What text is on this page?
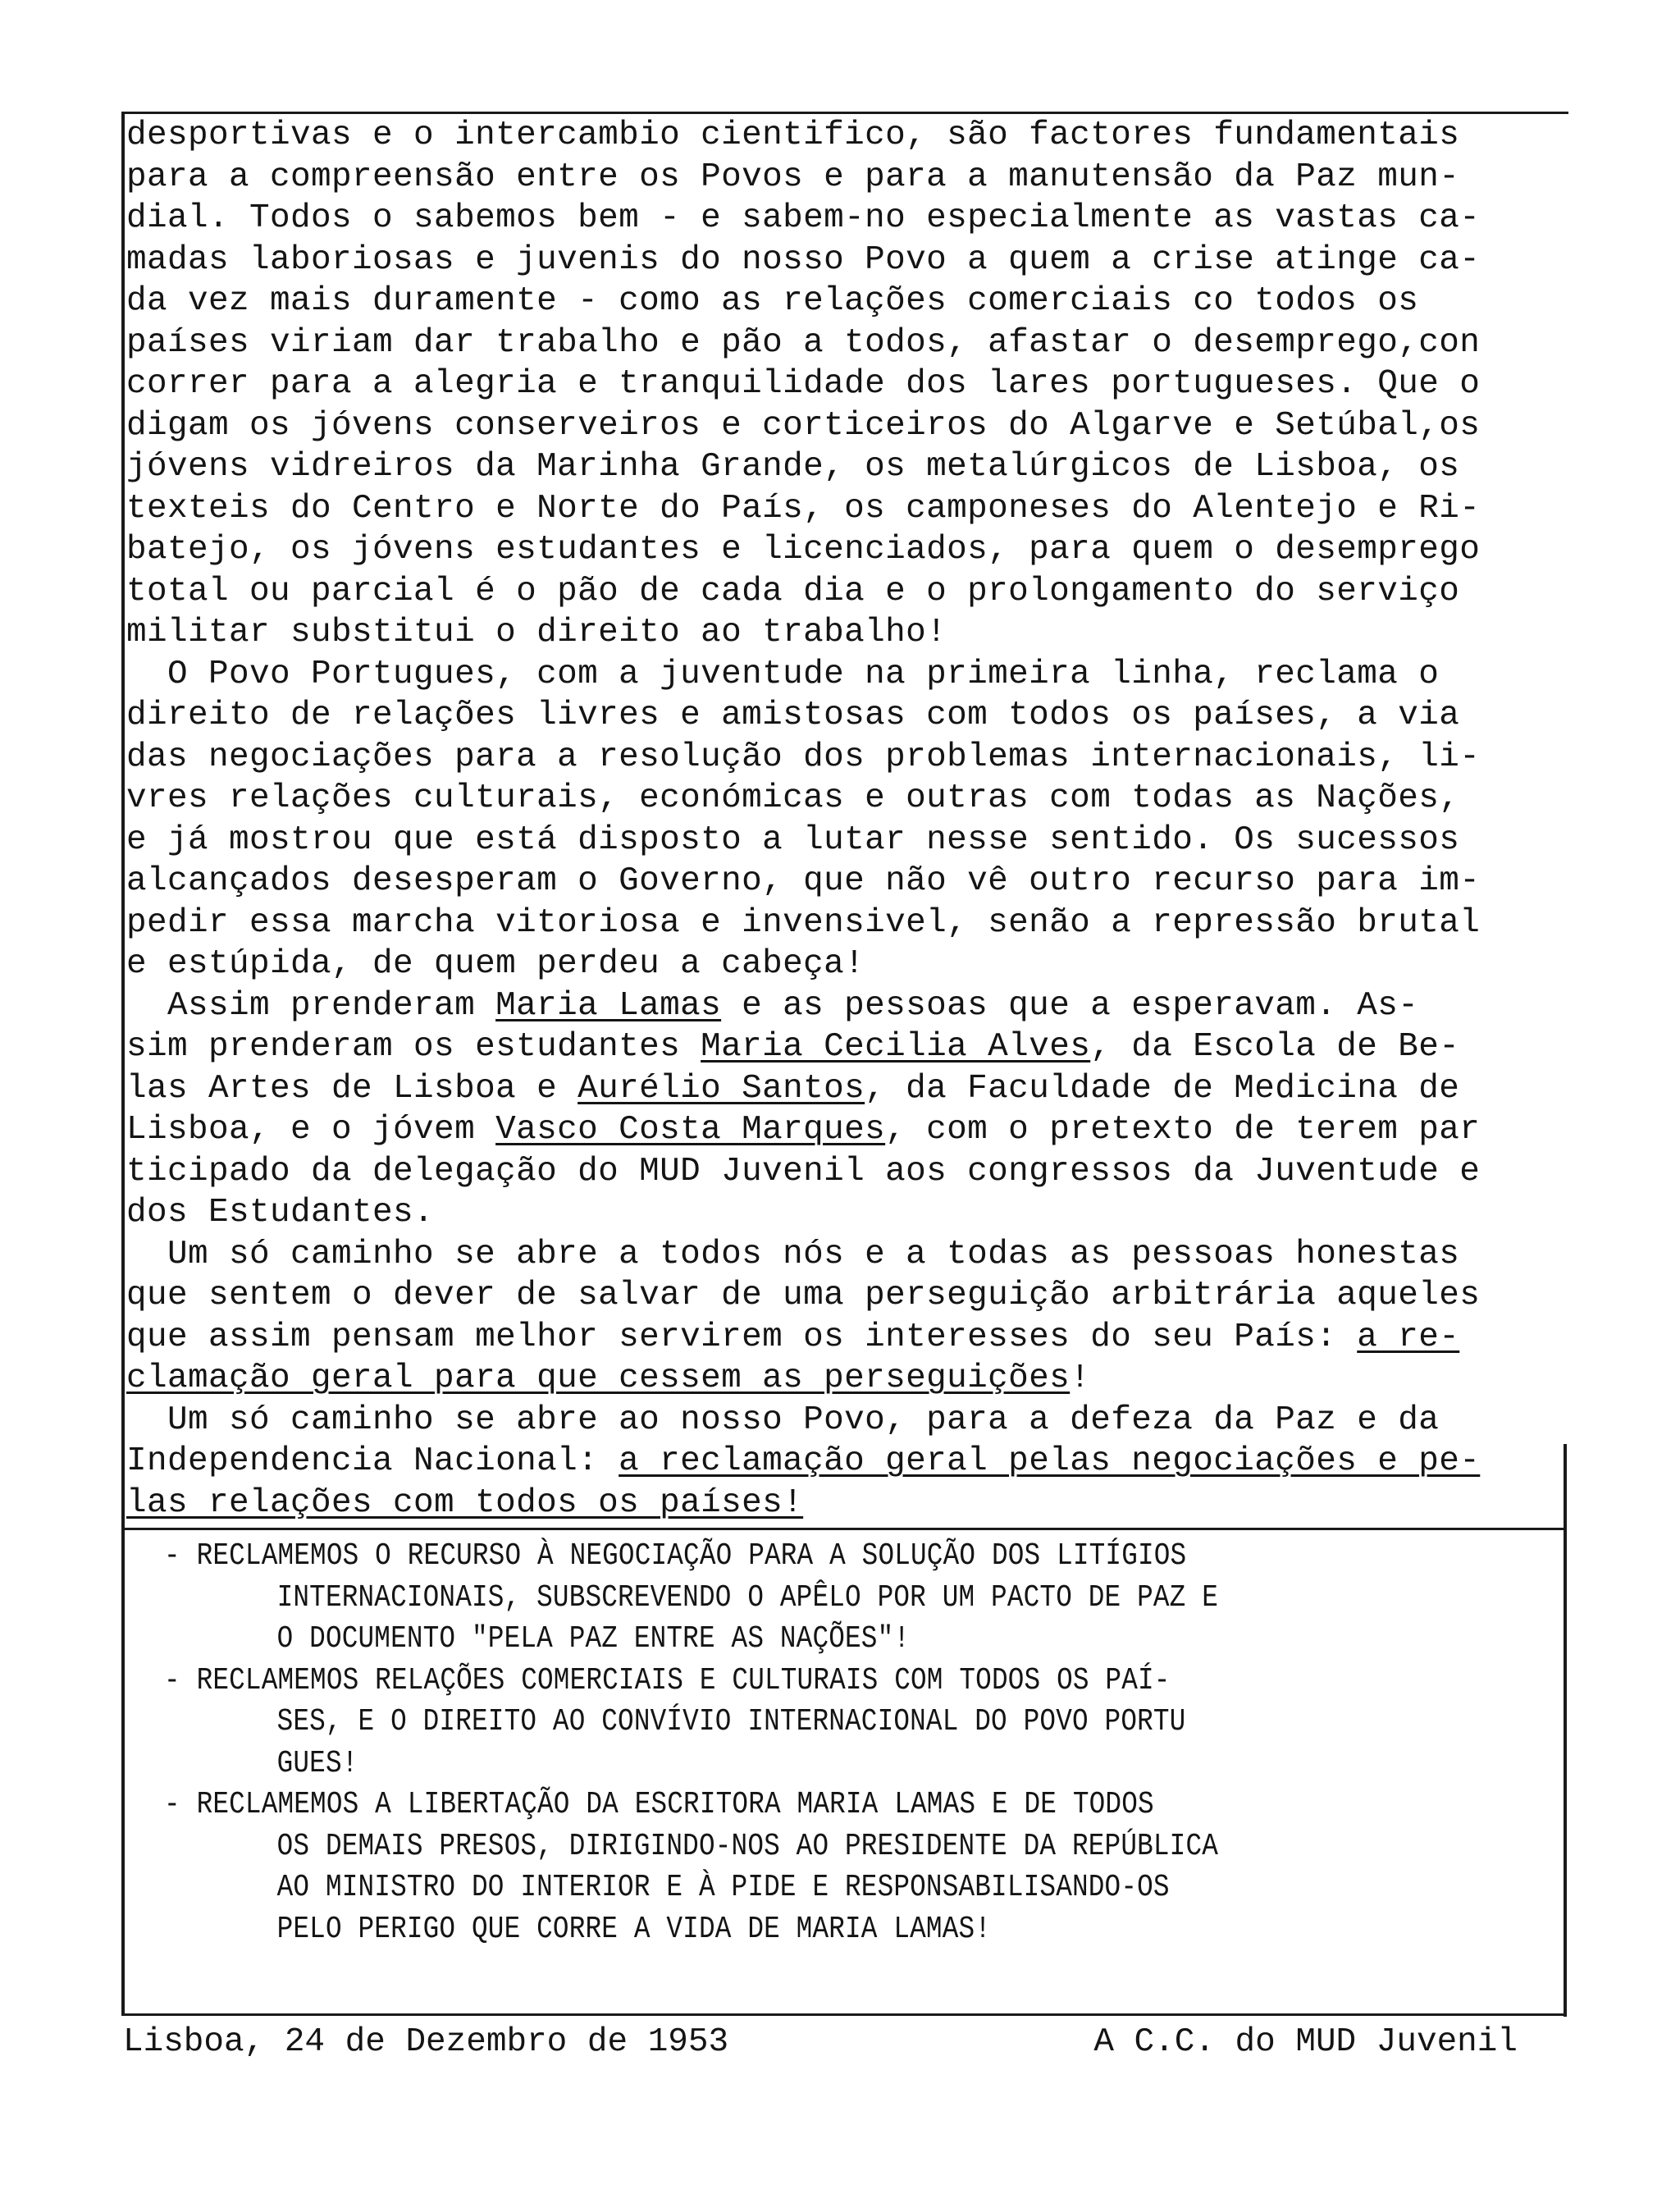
desportivas e o intercambio cientifico, são factores fundamentais
para a compreensão entre os Povos e para a manutensão da Paz mun-
dial. Todos o sabemos bem - e sabem-no especialmente as vastas ca-
madas laboriosas e juvenis do nosso Povo a quem a crise atinge ca-
da vez mais duramente - como as relações comerciais co todos os
países viriam dar trabalho e pão a todos, afastar o desemprego,con
correr para a alegria e tranquilidade dos lares portugueses. Que o
digam os jóvens conserveiros e corticeiros do Algarve e Setúbal,os
jóvens vidreiros da Marinha Grande, os metalúrgicos de Lisboa, os
texteis do Centro e Norte do País, os camponeses do Alentejo e Ri-
batejo, os jóvens estudantes e licenciados, para quem o desemprego
total ou parcial é o pão de cada dia e o prolongamento do serviço
militar substitui o direito ao trabalho!
O Povo Portugues, com a juventude na primeira linha, reclama o
direito de relações livres e amistosas com todos os países, a via
das negociações para a resolução dos problemas internacionais, li-
vres relações culturais, económicas e outras com todas as Nações,
e já mostrou que está disposto a lutar nesse sentido. Os sucessos
alcançados desesperam o Governo, que não vê outro recurso para im-
pedir essa marcha vitoriosa e invensivel, senão a repressão brutal
e estúpida, de quem perdeu a cabeça!
Assim prenderam Maria Lamas e as pessoas que a esperavam. As-
sim prenderam os estudantes Maria Cecilia Alves, da Escola de Be-
las Artes de Lisboa e Aurélio Santos, da Faculdade de Medicina de
Lisboa, e o jóvem Vasco Costa Marques, com o pretexto de terem par
ticipado da delegação do MUD Juvenil aos congressos da Juventude e
dos Estudantes.
Um só caminho se abre a todos nós e a todas as pessoas honestas
que sentem o dever de salvar de uma perseguição arbitrária aqueles
que assim pensam melhor servirem os interesses do seu País: a re-
clamação geral para que cessem as perseguições!
Um só caminho se abre ao nosso Povo, para a defeza da Paz e da
Independencia Nacional: a reclamação geral pelas negociações e pe-
las relações com todos os países!
- RECLAMEMOS O RECURSO À NEGOCIAÇÃO PARA A SOLUÇÃO DOS LITÍGIOS
INTERNACIONAIS, SUBSCREVENDO O APÊLO POR UM PACTO DE PAZ E
O DOCUMENTO "PELA PAZ ENTRE AS NAÇÕES"!
- RECLAMEMOS RELAÇÕES COMERCIAIS E CULTURAIS COM TODOS OS PAÍ-
SES, E O DIREITO AO CONVÍVIO INTERNACIONAL DO POVO PORTU
GUES!
- RECLAMEMOS A LIBERTAÇÃO DA ESCRITORA MARIA LAMAS E DE TODOS
OS DEMAIS PRESOS, DIRIGINDO-NOS AO PRESIDENTE DA REPÚBLICA
AO MINISTRO DO INTERIOR E À PIDE E RESPONSABILISANDO-OS
PELO PERIGO QUE CORRE A VIDA DE MARIA LAMAS!
Lisboa, 24 de Dezembro de 1953	A C.C. do MUD Juvenil
